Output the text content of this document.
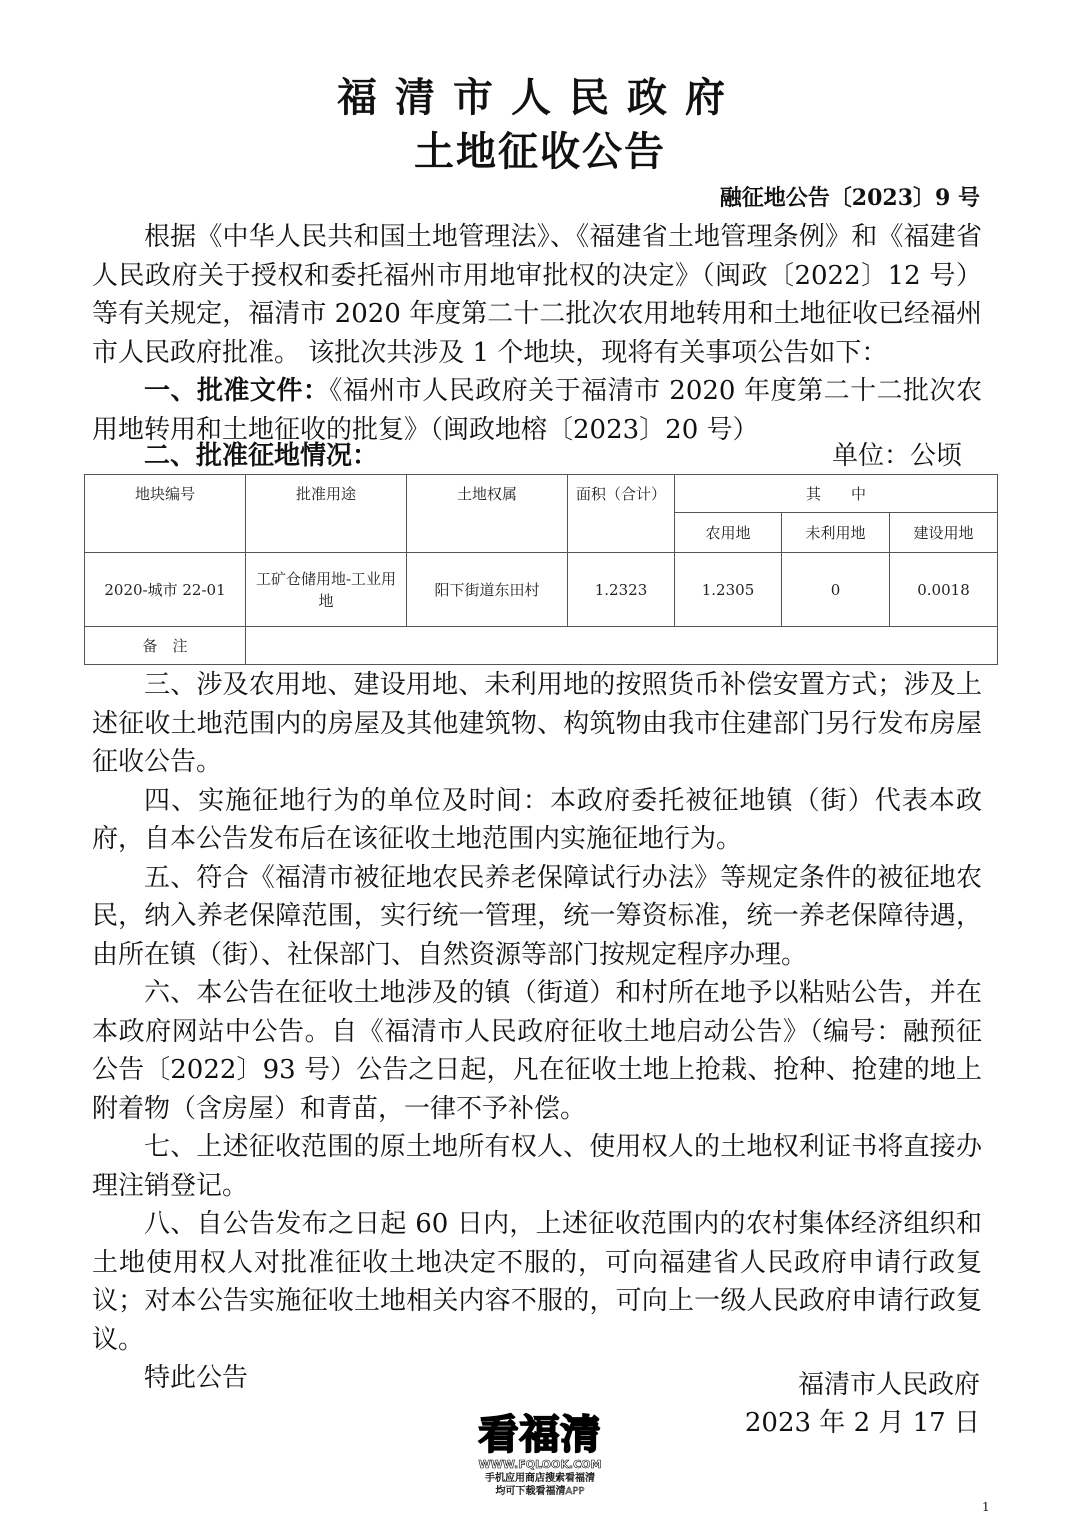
福清市人民政府
土地征收公告
融征地公告〔2023〕9 号

根据《中华人民共和国土地管理法》、《福建省土地管理条例》和《福建省人民政府关于授权和委托福州市用地审批权的决定》（闽政〔2022〕12 号）等有关规定，福清市 2020 年度第二十二批次农用地转用和土地征收已经福州市人民政府批准。 该批次共涉及 1 个地块，现将有关事项公告如下：

一、批准文件：《福州市人民政府关于福清市 2020 年度第二十二批次农用地转用和土地征收的批复》（闽政地榕〔2023〕20 号）

二、批准征地情况：	单位：公顷
地块编号	批准用途	土地权属	面积（合计）	其　　中		
				农用地	未利用地	建设用地
2020-城市 22-01	工矿仓储用地-工业用地	阳下街道东田村	1.2323	1.2305	0	0.0018
备　注						

三、涉及农用地、建设用地、未利用地的按照货币补偿安置方式；涉及上述征收土地范围内的房屋及其他建筑物、构筑物由我市住建部门另行发布房屋征收公告。

四、实施征地行为的单位及时间：本政府委托被征地镇（街）代表本政府，自本公告发布后在该征收土地范围内实施征地行为。

五、符合《福清市被征地农民养老保障试行办法》等规定条件的被征地农民，纳入养老保障范围，实行统一管理，统一筹资标准，统一养老保障待遇，由所在镇（街）、社保部门、自然资源等部门按规定程序办理。

六、本公告在征收土地涉及的镇（街道）和村所在地予以粘贴公告，并在本政府网站中公告。自《福清市人民政府征收土地启动公告》（编号：融预征公告〔2022〕93 号）公告之日起，凡在征收土地上抢栽、抢种、抢建的地上附着物（含房屋）和青苗，一律不予补偿。

七、上述征收范围的原土地所有权人、使用权人的土地权利证书将直接办理注销登记。

八、自公告发布之日起 60 日内，上述征收范围内的农村集体经济组织和土地使用权人对批准征收土地决定不服的，可向福建省人民政府申请行政复议；对本公告实施征收土地相关内容不服的，可向上一级人民政府申请行政复议。

特此公告	福清市人民政府
2023 年 2 月 17 日
看福清
WWW.FQLOOK.COM
手机应用商店搜索看福清
均可下载看福清APP
1
